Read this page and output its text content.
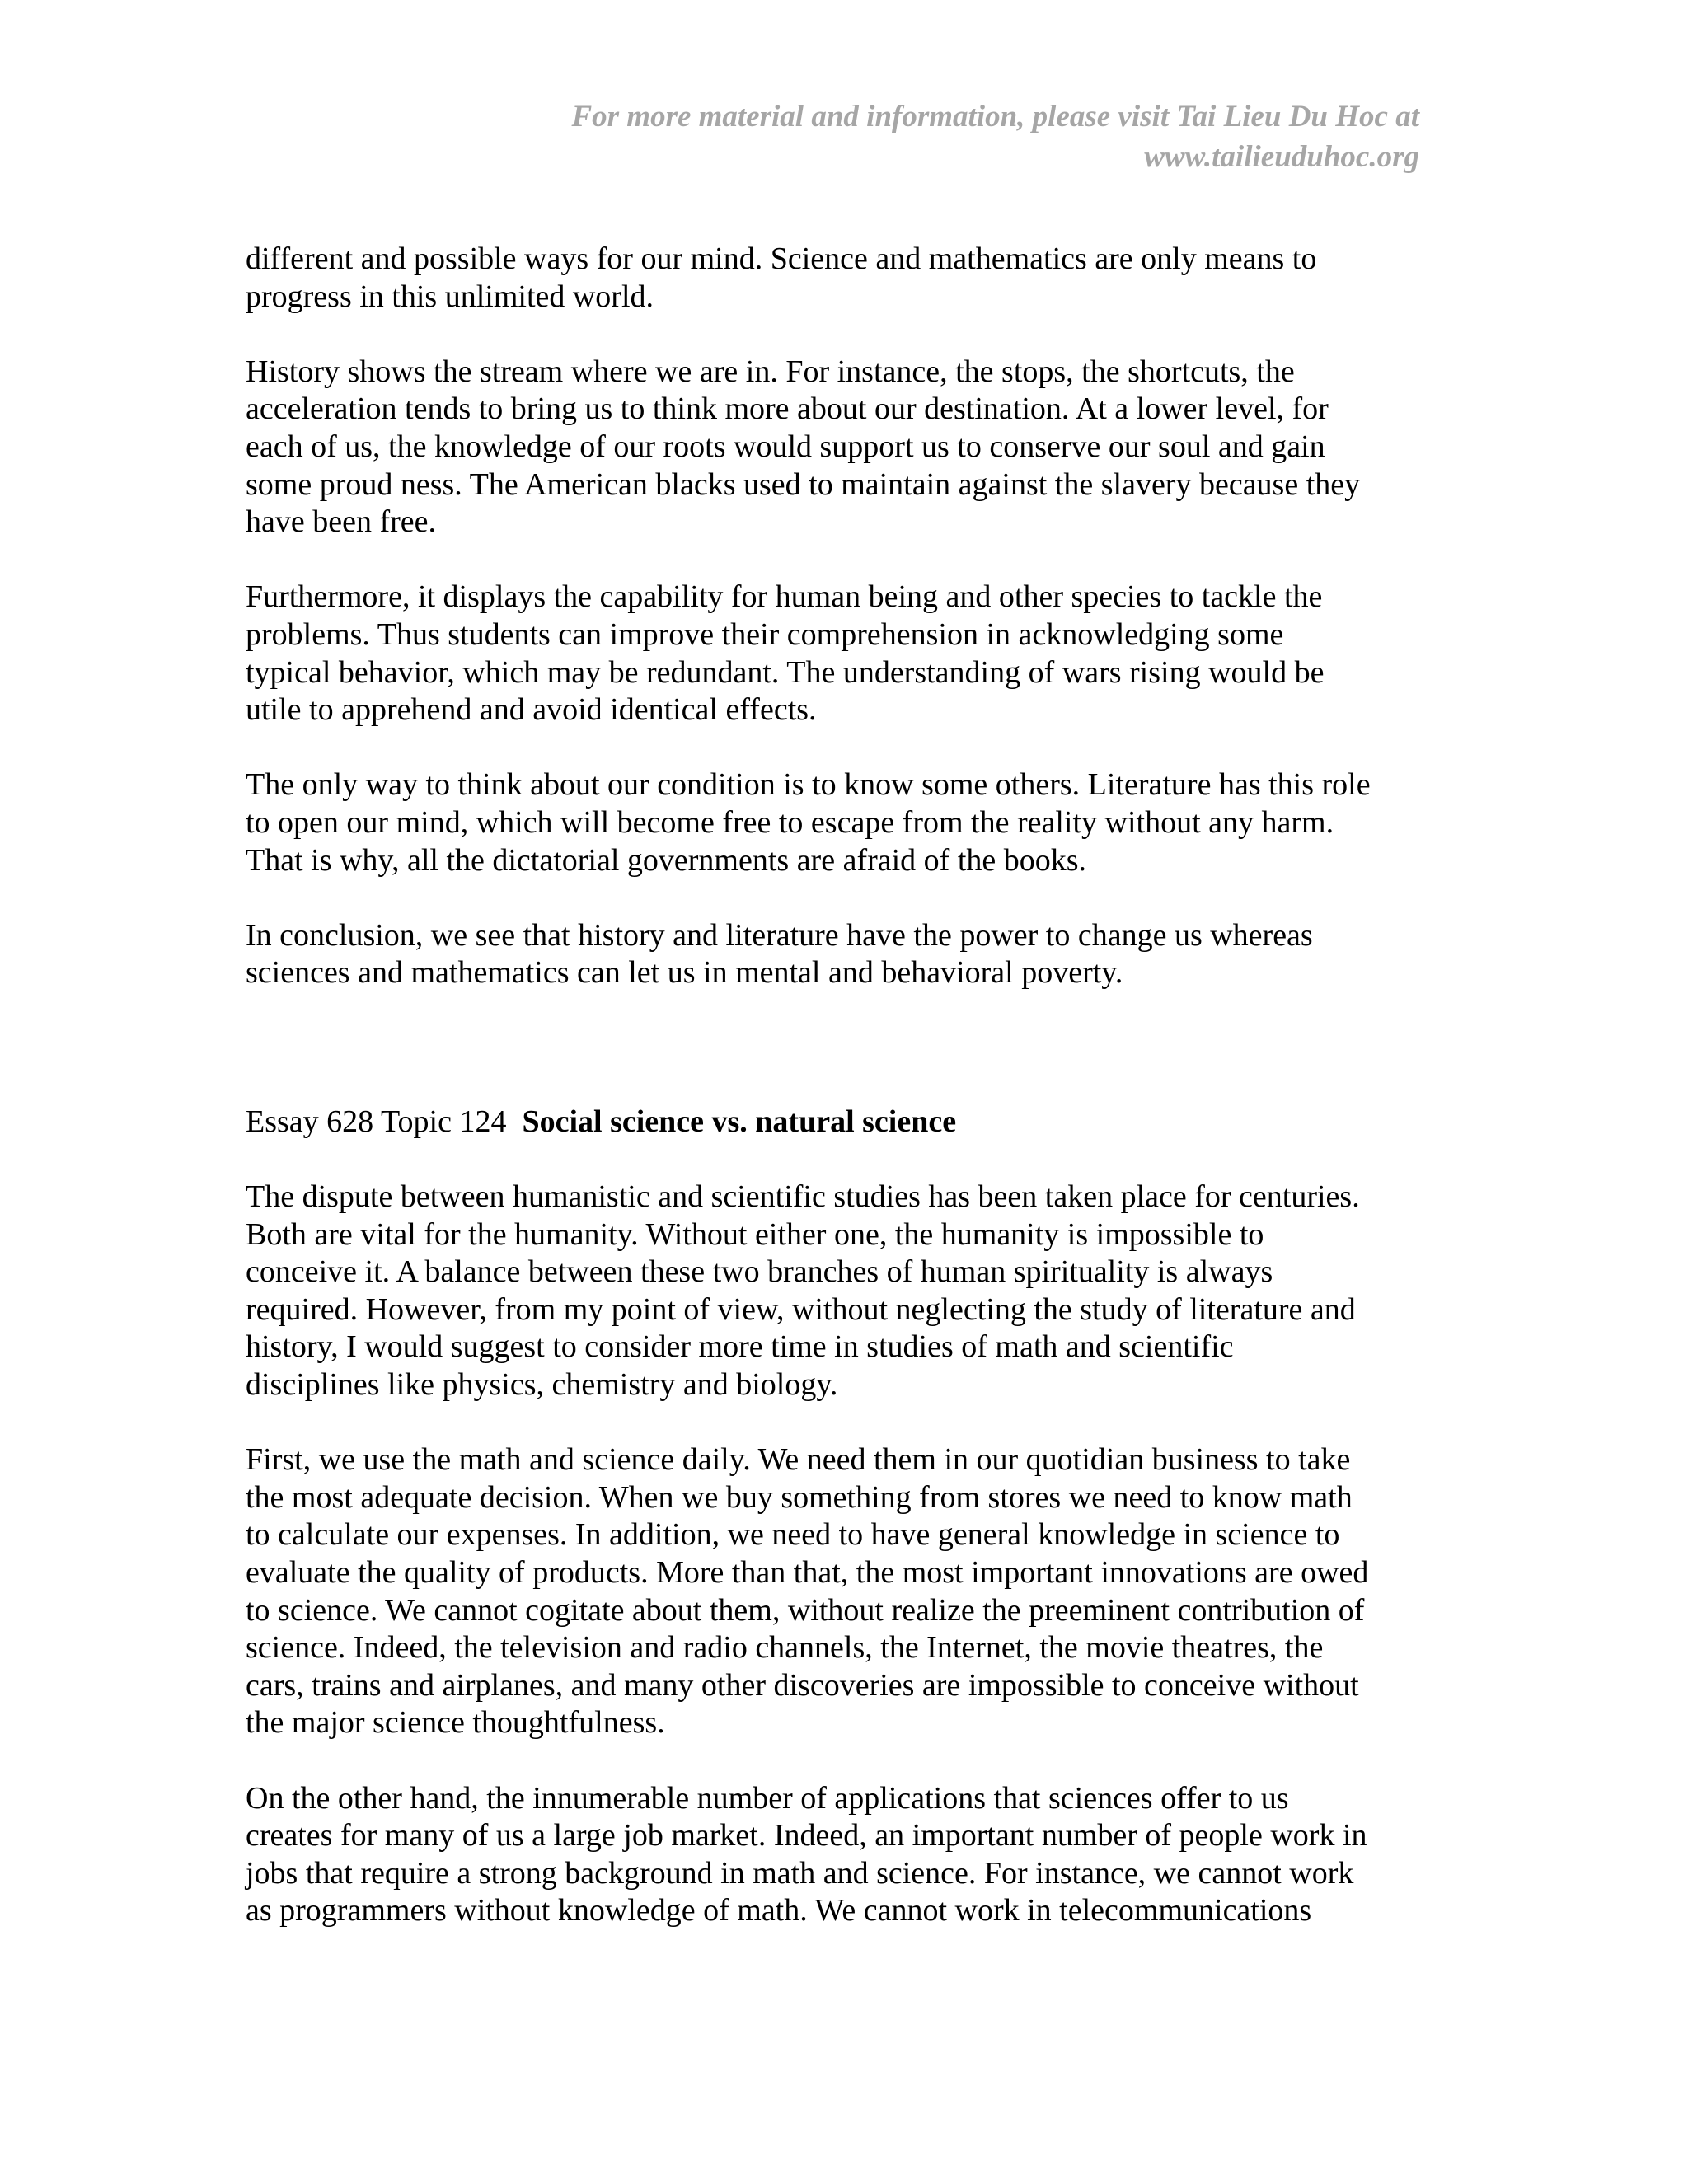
For more material and information, please visit Tai Lieu Du Hoc at
www.tailieuduhoc.org
different and possible ways for our mind. Science and mathematics are only means to
progress in this unlimited world.
History shows the stream where we are in. For instance, the stops, the shortcuts, the
acceleration tends to bring us to think more about our destination. At a lower level, for
each of us, the knowledge of our roots would support us to conserve our soul and gain
some proud ness. The American blacks used to maintain against the slavery because they
have been free.
Furthermore, it displays the capability for human being and other species to tackle the
problems. Thus students can improve their comprehension in acknowledging some
typical behavior, which may be redundant. The understanding of wars rising would be
utile to apprehend and avoid identical effects.
The only way to think about our condition is to know some others. Literature has this role
to open our mind, which will become free to escape from the reality without any harm.
That is why, all the dictatorial governments are afraid of the books.
In conclusion, we see that history and literature have the power to change us whereas
sciences and mathematics can let us in mental and behavioral poverty.
Essay 628 Topic 124 Social science vs. natural science
The dispute between humanistic and scientific studies has been taken place for centuries.
Both are vital for the humanity. Without either one, the humanity is impossible to
conceive it. A balance between these two branches of human spirituality is always
required. However, from my point of view, without neglecting the study of literature and
history, I would suggest to consider more time in studies of math and scientific
disciplines like physics, chemistry and biology.
First, we use the math and science daily. We need them in our quotidian business to take
the most adequate decision. When we buy something from stores we need to know math
to calculate our expenses. In addition, we need to have general knowledge in science to
evaluate the quality of products. More than that, the most important innovations are owed
to science. We cannot cogitate about them, without realize the preeminent contribution of
science. Indeed, the television and radio channels, the Internet, the movie theatres, the
cars, trains and airplanes, and many other discoveries are impossible to conceive without
the major science thoughtfulness.
On the other hand, the innumerable number of applications that sciences offer to us
creates for many of us a large job market. Indeed, an important number of people work in
jobs that require a strong background in math and science. For instance, we cannot work
as programmers without knowledge of math. We cannot work in telecommunications
